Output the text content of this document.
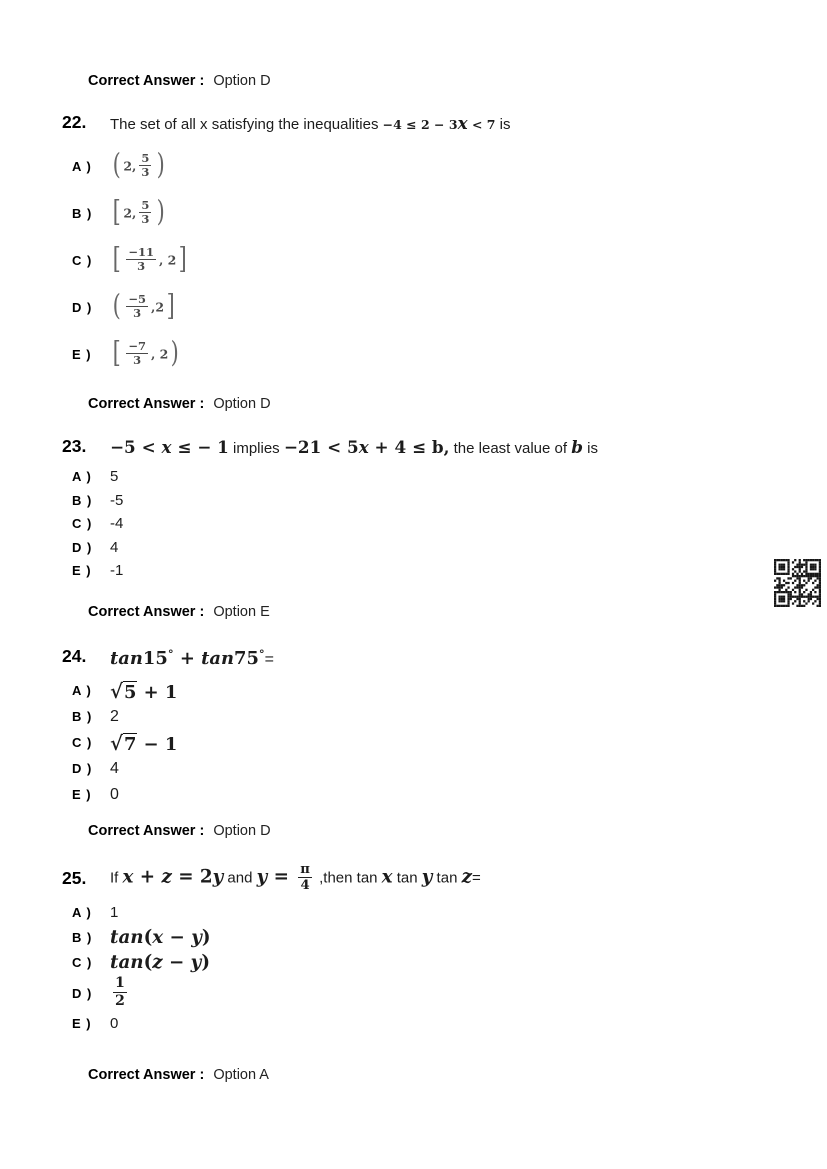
Correct Answer : Option D
22.	The set of all x satisfying the inequalities −4 ≤ 2 − 3x < 7 is
A ) ( 2, $\frac{5}{3}$ )
B ) [ 2, $\frac{5}{3}$ )
C ) [ $\frac{-11}{3}$ , 2]
D ) ( $\frac{-5}{3} ,2$]
E ) [ $\frac{-7}{3}$ , 2)
Correct Answer : Option D
23.	−5 < x ≤ − 1 implies −21 < 5x + 4 ≤ b, the least value of b is
A )	5
B )	-5
C )	-4
D )	4
E )	-1
Correct Answer : Option E
24.	tan15° + tan75°=
A ) √5 + 1
B )	2
C ) √7 − 1
D )	4
E )	0
Correct Answer : Option D
25.	If x + z = 2y and $y = \frac{\pi}{4}$ ,then tan x tan y tan z=
A )	1
B ) tan(x − y)
C ) tan(z − y)
D )	$\frac{1}{2}$
E )	0
Correct Answer : Option A
